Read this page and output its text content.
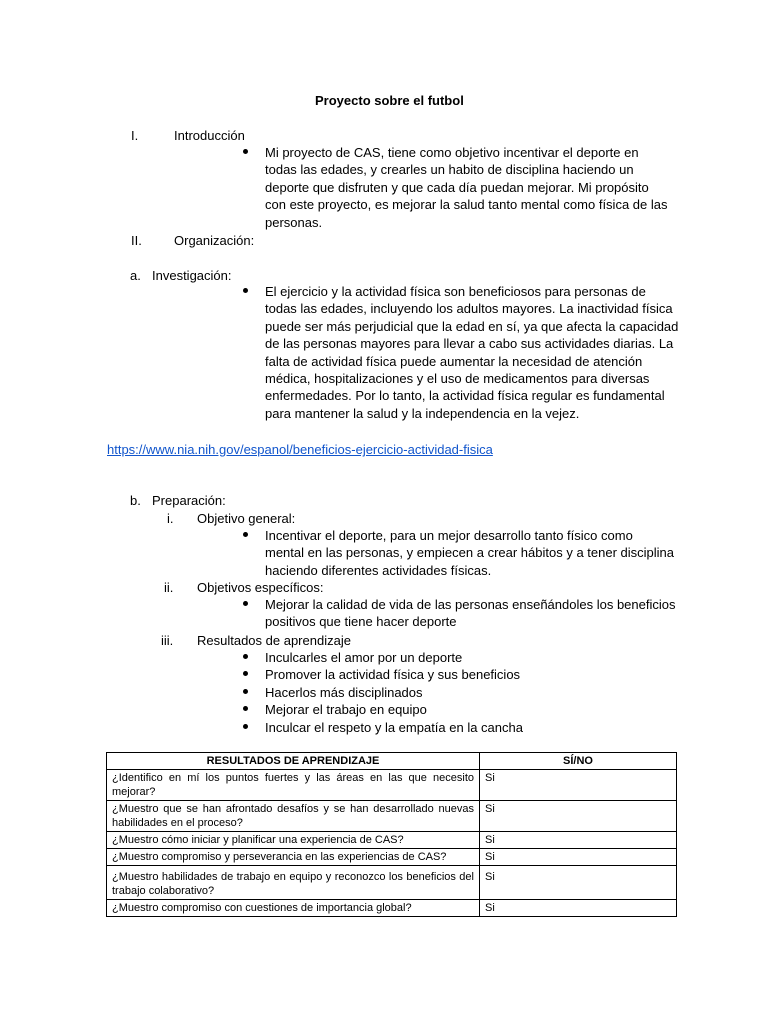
Proyecto sobre el futbol
I.	Introducción
Mi proyecto de CAS, tiene como objetivo incentivar el deporte en
todas las edades, y crearles un habito de disciplina haciendo un
deporte que disfruten y que cada día puedan mejorar. Mi propósito
con este proyecto, es mejorar la salud tanto mental como física de las
personas.
II. Organización:
a. Investigación:
El ejercicio y la actividad física son beneficiosos para personas de
todas las edades, incluyendo los adultos mayores. La inactividad física
puede ser más perjudicial que la edad en sí, ya que afecta la capacidad
de las personas mayores para llevar a cabo sus actividades diarias. La
falta de actividad física puede aumentar la necesidad de atención
médica, hospitalizaciones y el uso de medicamentos para diversas
enfermedades. Por lo tanto, la actividad física regular es fundamental
para mantener la salud y la independencia en la vejez.
https://www.nia.nih.gov/espanol/beneficios-ejercicio-actividad-fisica
b. Preparación:
i. Objetivo general:
Incentivar el deporte, para un mejor desarrollo tanto físico como
mental en las personas, y empiecen a crear hábitos y a tener disciplina
haciendo diferentes actividades físicas.
ii. Objetivos específicos:
Mejorar la calidad de vida de las personas enseñándoles los beneficios
positivos que tiene hacer deporte
iii. Resultados de aprendizaje
Inculcarles el amor por un deporte
Promover la actividad física y sus beneficios
Hacerlos más disciplinados
Mejorar el trabajo en equipo
Inculcar el respeto y la empatía en la cancha
RESULTADOS DE APRENDIZAJE	SÍ/NO
¿Identifico en mí los puntos fuertes y las áreas en las que necesito mejorar?	Si
¿Muestro que se han afrontado desafíos y se han desarrollado nuevas habilidades en el proceso?	Si
¿Muestro cómo iniciar y planificar una experiencia de CAS?	Si
¿Muestro compromiso y perseverancia en las experiencias de CAS?	Si
¿Muestro habilidades de trabajo en equipo y reconozco los beneficios del trabajo colaborativo?	Si
¿Muestro compromiso con cuestiones de importancia global?	Si
